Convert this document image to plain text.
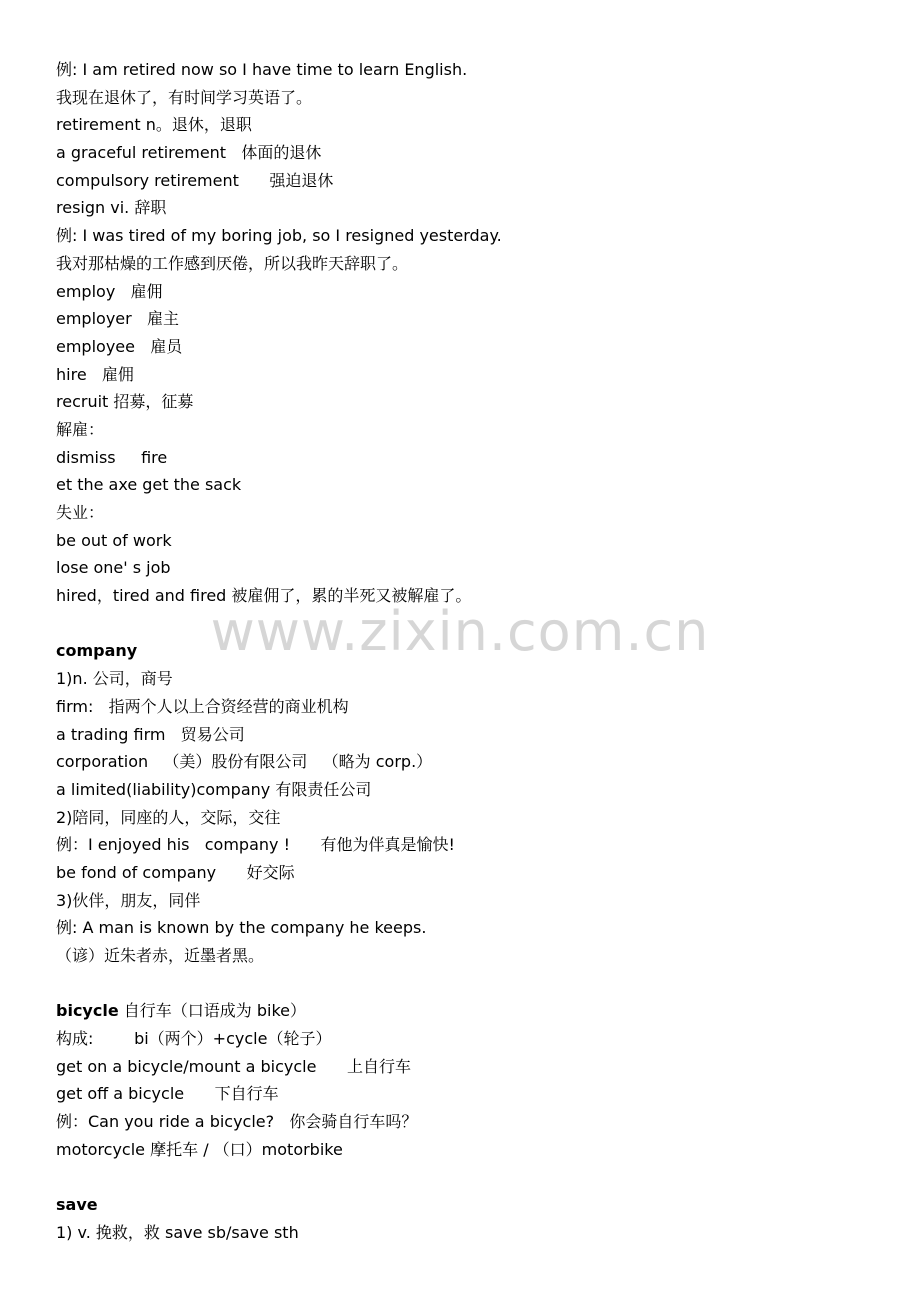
www.zixin.com.cn
例: I am retired now so I have time to learn English.
我现在退休了，有时间学习英语了。
retirement n。退休，退职
a graceful retirement   体面的退休
compulsory retirement      强迫退休
resign vi. 辞职
例: I was tired of my boring job, so I resigned yesterday.
我对那枯燥的工作感到厌倦，所以我昨天辞职了。
employ   雇佣
employer   雇主
employee   雇员
hire   雇佣
recruit 招募，征募
解雇：
dismiss     fire
et the axe get the sack
失业：
be out of work
lose one' s job
hired，tired and fired 被雇佣了，累的半死又被解雇了。
company
1)n. 公司，商号
firm:   指两个人以上合资经营的商业机构
a trading firm   贸易公司
corporation   （美）股份有限公司   （略为 corp.）
a limited(liability)company 有限责任公司
2)陪同，同座的人，交际，交往
例：I enjoyed his   company !      有他为伴真是愉快!
be fond of company      好交际
3)伙伴，朋友，同伴
例: A man is known by the company he keeps.
（谚）近朱者赤，近墨者黑。
bicycle 自行车（口语成为 bike）
构成:        bi（两个）+cycle（轮子）
get on a bicycle/mount a bicycle      上自行车
get off a bicycle      下自行车
例：Can you ride a bicycle?   你会骑自行车吗？
motorcycle 摩托车 / （口）motorbike
save
1) v. 挽救，救 save sb/save sth
